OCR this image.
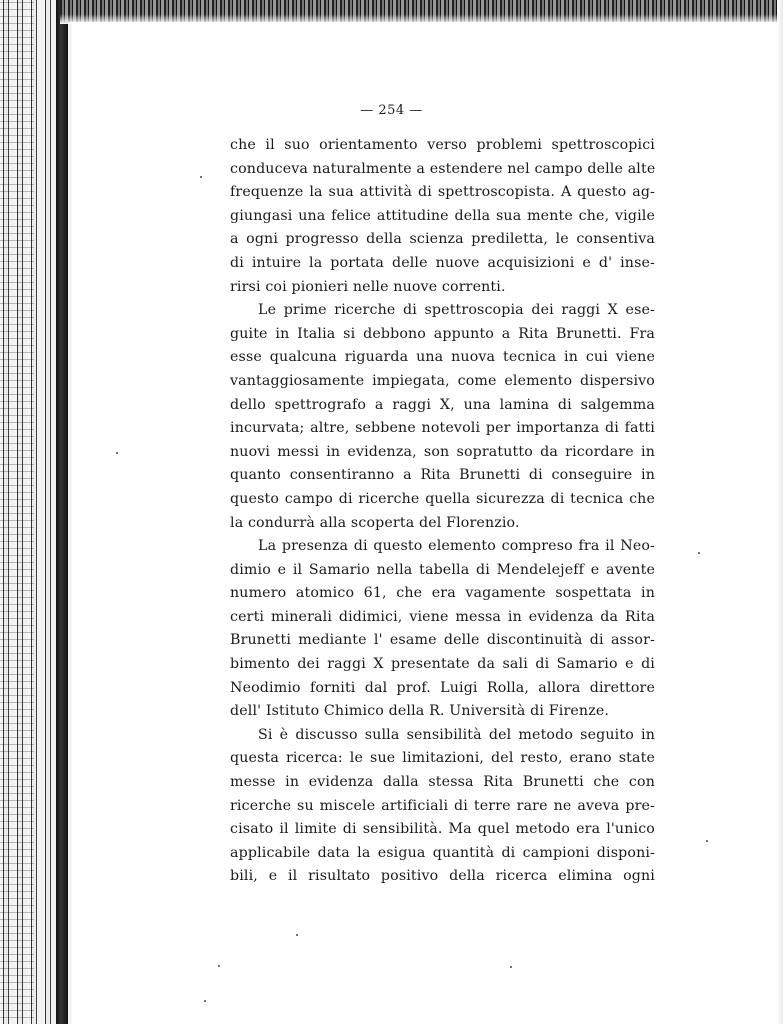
— 254 —
che il suo orientamento verso problemi spettroscopici
conduceva naturalmente a estendere nel campo delle alte
frequenze la sua attività di spettroscopista. A questo ag-
giungasi una felice attitudine della sua mente che, vigile
a ogni progresso della scienza prediletta, le consentiva
di intuire la portata delle nuove acquisizioni e d' inse-
rirsi coi pionieri nelle nuove correnti.
Le prime ricerche di spettroscopia dei raggi X ese-
guite in Italia si debbono appunto a Rita Brunetti. Fra
esse qualcuna riguarda una nuova tecnica in cui viene
vantaggiosamente impiegata, come elemento dispersivo
dello spettrografo a raggi X, una lamina di salgemma
incurvata; altre, sebbene notevoli per importanza di fatti
nuovi messi in evidenza, son sopratutto da ricordare in
quanto consentiranno a Rita Brunetti di conseguire in
questo campo di ricerche quella sicurezza di tecnica che
la condurrà alla scoperta del Florenzio.
La presenza di questo elemento compreso fra il Neo-
dimio e il Samario nella tabella di Mendelejeff e avente
numero atomico 61, che era vagamente sospettata in
certi minerali didimici, viene messa in evidenza da Rita
Brunetti mediante l' esame delle discontinuità di assor-
bimento dei raggi X presentate da sali di Samario e di
Neodimio forniti dal prof. Luigi Rolla, allora direttore
dell' Istituto Chimico della R. Università di Firenze.
Si è discusso sulla sensibilità del metodo seguito in
questa ricerca: le sue limitazioni, del resto, erano state
messe in evidenza dalla stessa Rita Brunetti che con
ricerche su miscele artificiali di terre rare ne aveva pre-
cisato il limite di sensibilità. Ma quel metodo era l'unico
applicabile data la esigua quantità di campioni disponi-
bili, e il risultato positivo della ricerca elimina ogni
